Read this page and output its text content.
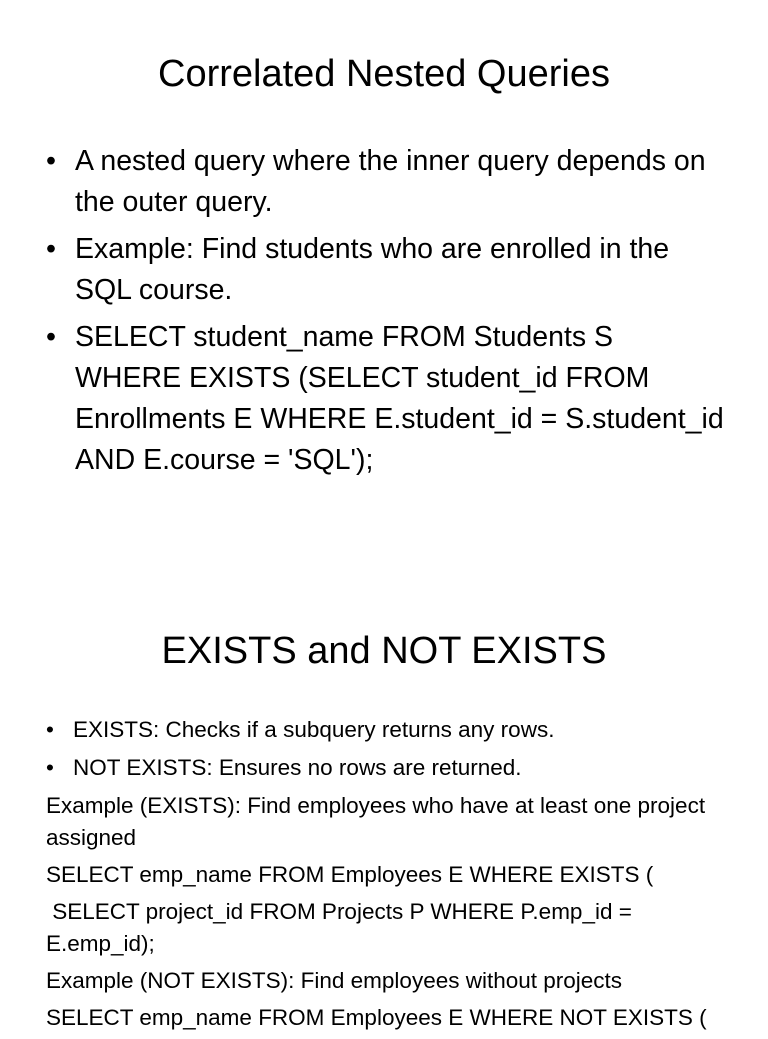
Correlated Nested Queries
• A nested query where the inner query depends on the outer query.
• Example: Find students who are enrolled in the SQL course.
• SELECT student_name FROM Students S WHERE EXISTS (SELECT student_id FROM Enrollments E WHERE E.student_id = S.student_id AND E.course = 'SQL');
EXISTS and NOT EXISTS
• EXISTS: Checks if a subquery returns any rows.
• NOT EXISTS: Ensures no rows are returned.
Example (EXISTS): Find employees who have at least one project assigned
SELECT emp_name FROM Employees E WHERE EXISTS (
SELECT project_id FROM Projects P WHERE P.emp_id = E.emp_id);
Example (NOT EXISTS): Find employees without projects
SELECT emp_name FROM Employees E WHERE NOT EXISTS (
